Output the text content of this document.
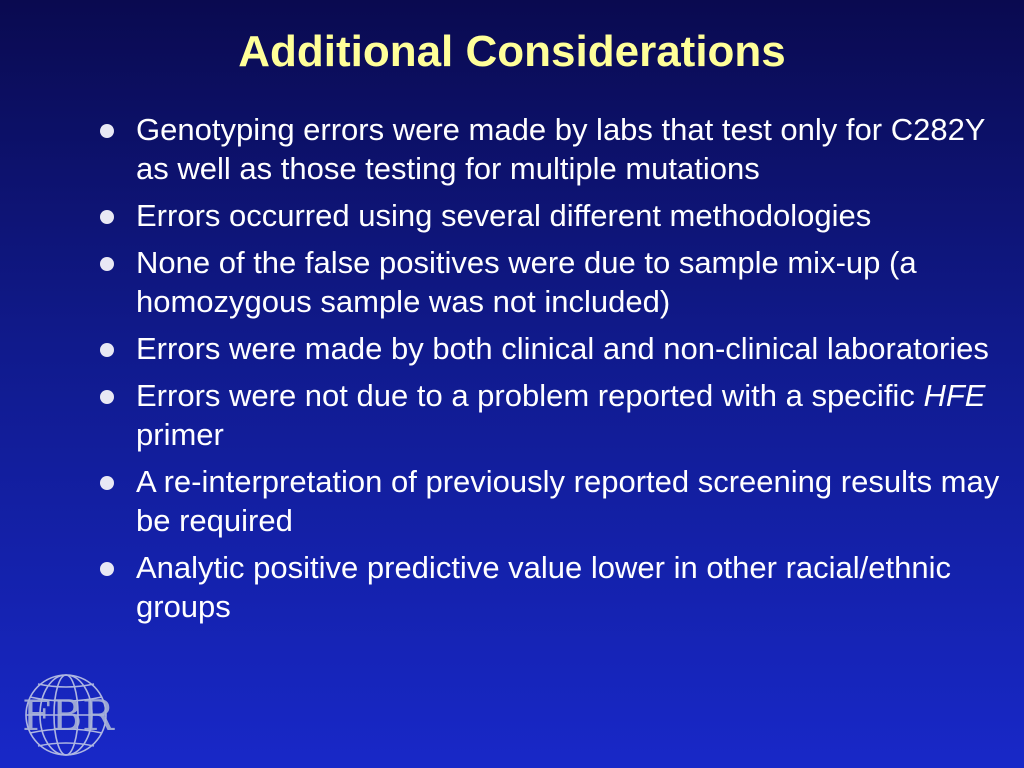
Additional Considerations
Genotyping errors were made by labs that test only for C282Y as well as those testing for multiple mutations
Errors occurred using several different methodologies
None of the false positives were due to sample mix-up (a homozygous sample was not included)
Errors were made by both clinical and non-clinical laboratories
Errors were not due to a problem reported with a specific HFE primer
A re-interpretation of previously reported screening results may be required
Analytic positive predictive value lower in other racial/ethnic groups
FBR
